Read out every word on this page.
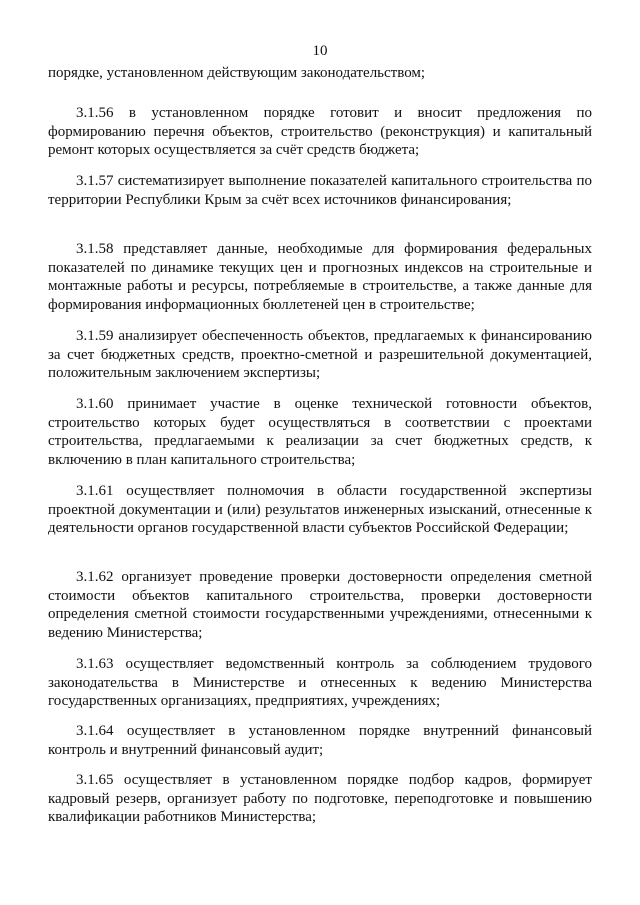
10

порядке, установленном действующим законодательством;

3.1.56 в установленном порядке готовит и вносит предложения по формированию перечня объектов, строительство (реконструкция) и капитальный ремонт которых осуществляется за счёт средств бюджета;

3.1.57 систематизирует выполнение показателей капитального строительства по территории Республики Крым за счёт всех источников финансирования;

3.1.58 представляет данные, необходимые для формирования федеральных показателей по динамике текущих цен и прогнозных индексов на строительные и монтажные работы и ресурсы, потребляемые в строительстве, а также данные для формирования информационных бюллетеней цен в строительстве;

3.1.59 анализирует обеспеченность объектов, предлагаемых к финансированию за счет бюджетных средств, проектно-сметной и разрешительной документацией, положительным заключением экспертизы;

3.1.60 принимает участие в оценке технической готовности объектов, строительство которых будет осуществляться в соответствии с проектами строительства, предлагаемыми к реализации за счет бюджетных средств, к включению в план капитального строительства;

3.1.61 осуществляет полномочия в области государственной экспертизы проектной документации и (или) результатов инженерных изысканий, отнесенные к деятельности органов государственной власти субъектов Российской Федерации;

3.1.62 организует проведение проверки достоверности определения сметной стоимости объектов капитального строительства, проверки достоверности определения сметной стоимости государственными учреждениями, отнесенными к ведению Министерства;

3.1.63 осуществляет ведомственный контроль за соблюдением трудового законодательства в Министерстве и отнесенных к ведению Министерства государственных организациях, предприятиях, учреждениях;

3.1.64 осуществляет в установленном порядке внутренний финансовый контроль и внутренний финансовый аудит;

3.1.65 осуществляет в установленном порядке подбор кадров, формирует кадровый резерв, организует работу по подготовке, переподготовке и повышению квалификации работников Министерства;
